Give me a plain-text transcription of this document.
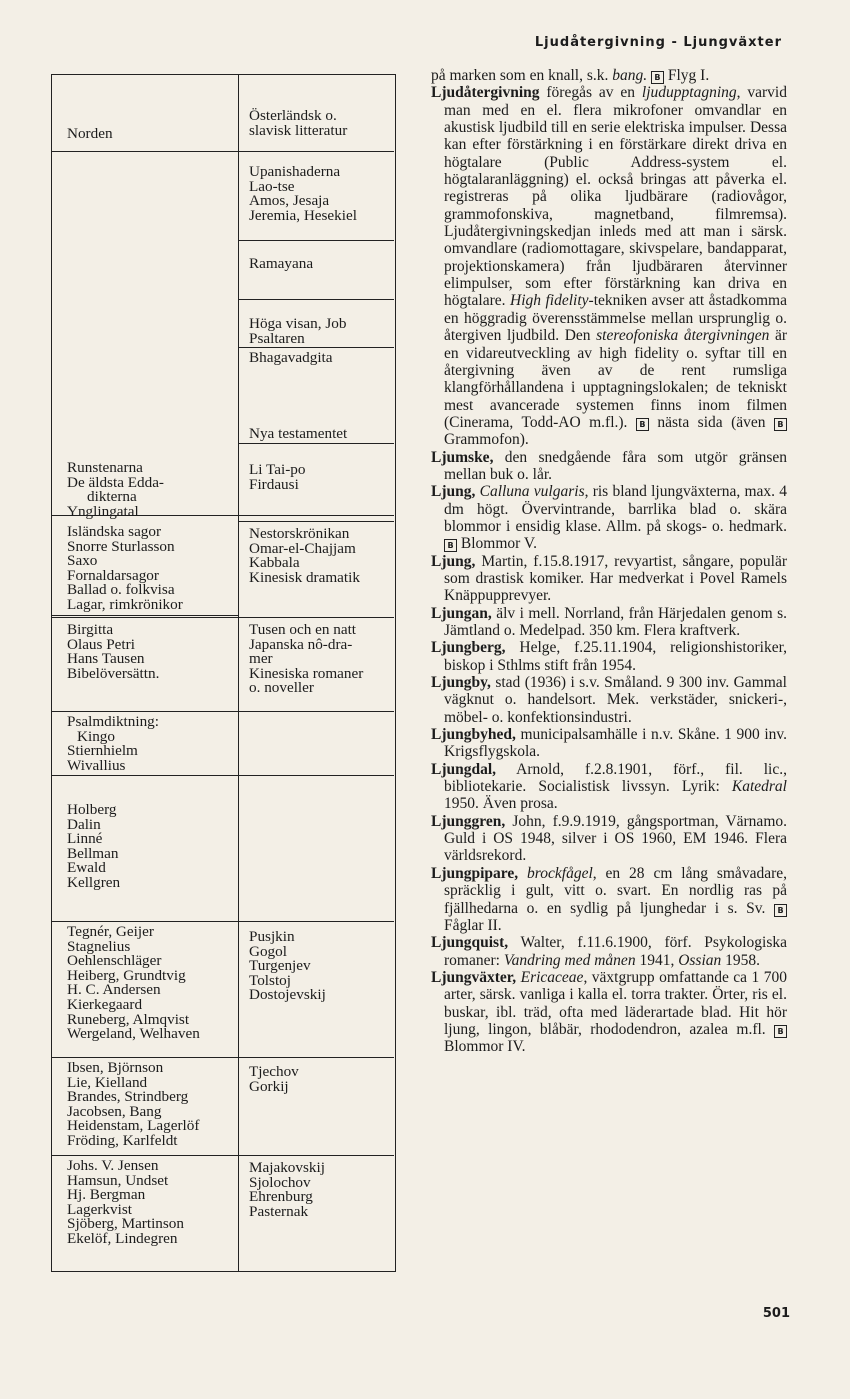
Ljudåtergivning - Ljungväxter
Norden
Österländsk o.
slavisk litteratur
Upanishaderna
Lao-tse
Amos, Jesaja
Jeremia, Hesekiel
Ramayana
Höga visan, Job
Psaltaren
Bhagavadgita
Nya testamentet
Li Tai-po
Firdausi
Nestorskrönikan
Omar-el-Chajjam
Kabbala
Kinesisk dramatik
Tusen och en natt
Japanska nô-dra-
mer
Kinesiska romaner
o. noveller
Pusjkin
Gogol
Turgenjev
Tolstoj
Dostojevskij
Tjechov
Gorkij
Majakovskij
Sjolochov
Ehrenburg
Pasternak
Runstenarna
De äldsta Edda-
dikterna
Ynglingatal
Isländska sagor
Snorre Sturlasson
Saxo
Fornaldarsagor
Ballad o. folkvisa
Lagar, rimkrönikor
Birgitta
Olaus Petri
Hans Tausen
Bibelöversättn.
Psalmdiktning:
Kingo
Stiernhielm
Wivallius
Holberg
Dalin
Linné
Bellman
Ewald
Kellgren
Tegnér, Geijer
Stagnelius
Oehlenschläger
Heiberg, Grundtvig
H. C. Andersen
Kierkegaard
Runeberg, Almqvist
Wergeland, Welhaven
Ibsen, Björnson
Lie, Kielland
Brandes, Strindberg
Jacobsen, Bang
Heidenstam, Lagerlöf
Fröding, Karlfeldt
Johs. V. Jensen
Hamsun, Undset
Hj. Bergman
Lagerkvist
Sjöberg, Martinson
Ekelöf, Lindegren

på marken som en knall, s.k. bang. B Flyg I.

Ljudåtergivning föregås av en ljudupptagning, varvid man med en el. flera mikrofoner omvandlar en akustisk ljudbild till en serie elektriska impulser. Dessa kan efter förstärkning i en förstärkare direkt driva en högtalare (Public Address-system el. högtalaranläggning) el. också bringas att påverka el. registreras på olika ljudbärare (radiovågor, grammofonskiva, magnetband, filmremsa). Ljudåtergivningskedjan inleds med att man i särsk. omvandlare (radiomottagare, skivspelare, bandapparat, projektionskamera) från ljudbäraren återvinner elimpulser, som efter förstärkning kan driva en högtalare. High fidelity-tekniken avser att åstadkomma en höggradig överensstämmelse mellan ursprunglig o. återgiven ljudbild. Den stereofoniska återgivningen är en vidareutveckling av high fidelity o. syftar till en återgivning även av de rent rumsliga klangförhållandena i upptagningslokalen; de tekniskt mest avancerade systemen finns inom filmen (Cinerama, Todd-AO m.fl.). B nästa sida (även B Grammofon).

Ljumske, den snedgående fåra som utgör gränsen mellan buk o. lår.

Ljung, Calluna vulgaris, ris bland ljungväxterna, max. 4 dm högt. Övervintrande, barrlika blad o. skära blommor i ensidig klase. Allm. på skogs- o. hedmark. B Blommor V.

Ljung, Martin, f.15.8.1917, revyartist, sångare, populär som drastisk komiker. Har medverkat i Povel Ramels Knäppupprevyer.

Ljungan, älv i mell. Norrland, från Härjedalen genom s. Jämtland o. Medelpad. 350 km. Flera kraftverk.

Ljungberg, Helge, f.25.11.1904, religionshistoriker, biskop i Sthlms stift från 1954.

Ljungby, stad (1936) i s.v. Småland. 9 300 inv. Gammal vägknut o. handelsort. Mek. verkstäder, snickeri-, möbel- o. konfektionsindustri.

Ljungbyhed, municipalsamhälle i n.v. Skåne. 1 900 inv. Krigsflygskola.

Ljungdal, Arnold, f.2.8.1901, förf., fil. lic., bibliotekarie. Socialistisk livssyn. Lyrik: Katedral 1950. Även prosa.

Ljunggren, John, f.9.9.1919, gångsportman, Värnamo. Guld i OS 1948, silver i OS 1960, EM 1946. Flera världsrekord.

Ljungpipare, brockfågel, en 28 cm lång småvadare, spräcklig i gult, vitt o. svart. En nordlig ras på fjällhedarna o. en sydlig på ljunghedar i s. Sv. B Fåglar II.

Ljungquist, Walter, f.11.6.1900, förf. Psykologiska romaner: Vandring med månen 1941, Ossian 1958.

Ljungväxter, Ericaceae, växtgrupp omfattande ca 1 700 arter, särsk. vanliga i kalla el. torra trakter. Örter, ris el. buskar, ibl. träd, ofta med läderartade blad. Hit hör ljung, lingon, blåbär, rhododendron, azalea m.fl. B Blommor IV.

501
